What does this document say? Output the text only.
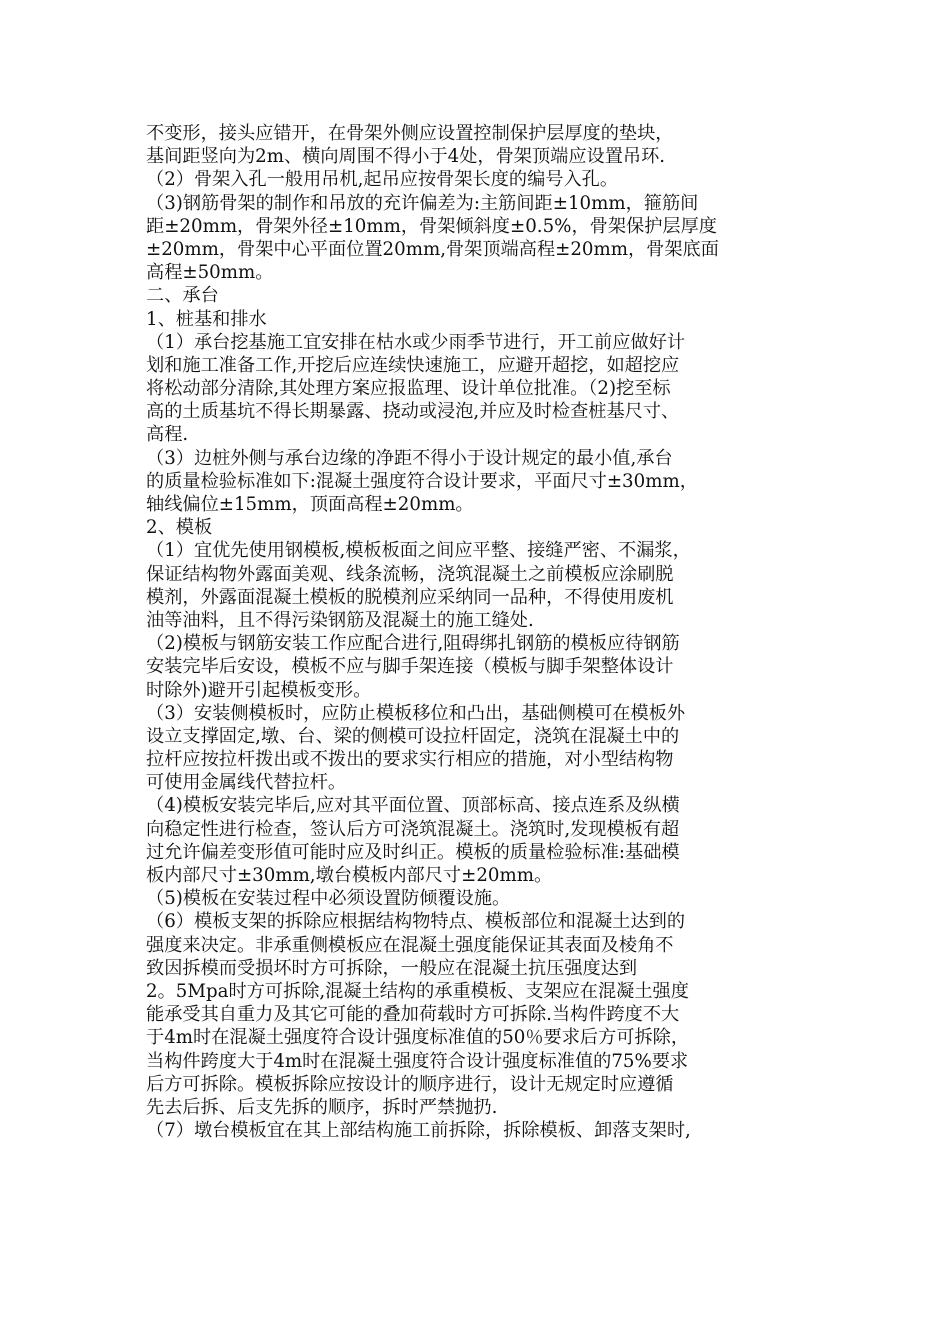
不变形，接头应错开，在骨架外侧应设置控制保护层厚度的垫块，
基间距竖向为2m、横向周围不得小于4处，骨架顶端应设置吊环.
（2）骨架入孔一般用吊机,起吊应按骨架长度的编号入孔。
（3)钢筋骨架的制作和吊放的充许偏差为:主筋间距±10mm，箍筋间
距±20mm，骨架外径±10mm，骨架倾斜度±0.5%，骨架保护层厚度
±20mm，骨架中心平面位置20mm,骨架顶端高程±20mm，骨架底面
高程±50mm。
二、承台
1、桩基和排水
（1）承台挖基施工宜安排在枯水或少雨季节进行，开工前应做好计
划和施工准备工作,开挖后应连续快速施工，应避开超挖，如超挖应
将松动部分清除,其处理方案应报监理、设计单位批准。（2)挖至标
高的土质基坑不得长期暴露、挠动或浸泡,并应及时检查桩基尺寸、
高程.
（3）边桩外侧与承台边缘的净距不得小于设计规定的最小值,承台
的质量检验标准如下:混凝土强度符合设计要求，平面尺寸±30mm，
轴线偏位±15mm，顶面高程±20mm。
2、模板
（1）宜优先使用钢模板,模板板面之间应平整、接缝严密、不漏浆，
保证结构物外露面美观、线条流畅，浇筑混凝土之前模板应涂刷脱
模剂，外露面混凝土模板的脱模剂应采纳同一品种，不得使用废机
油等油料，且不得污染钢筋及混凝土的施工缝处.
（2)模板与钢筋安装工作应配合进行,阻碍绑扎钢筋的模板应待钢筋
安装完毕后安设，模板不应与脚手架连接（模板与脚手架整体设计
时除外)避开引起模板变形。
（3）安装侧模板时，应防止模板移位和凸出，基础侧模可在模板外
设立支撑固定,墩、台、梁的侧模可设拉杆固定，浇筑在混凝土中的
拉杆应按拉杆拨出或不拨出的要求实行相应的措施，对小型结构物
可使用金属线代替拉杆。
（4)模板安装完毕后,应对其平面位置、顶部标高、接点连系及纵横
向稳定性进行检查，签认后方可浇筑混凝土。浇筑时,发现模板有超
过允许偏差变形值可能时应及时纠正。模板的质量检验标准:基础模
板内部尺寸±30mm,墩台模板内部尺寸±20mm。
（5)模板在安装过程中必须设置防倾覆设施。
（6）模板支架的拆除应根据结构物特点、模板部位和混凝土达到的
强度来决定。非承重侧模板应在混凝土强度能保证其表面及棱角不
致因拆模而受损坏时方可拆除，一般应在混凝土抗压强度达到
2。5Mpa时方可拆除,混凝土结构的承重模板、支架应在混凝土强度
能承受其自重力及其它可能的叠加荷载时方可拆除.当构件跨度不大
于4m时在混凝土强度符合设计强度标准值的50％要求后方可拆除，
当构件跨度大于4m时在混凝土强度符合设计强度标准值的75%要求
后方可拆除。模板拆除应按设计的顺序进行，设计无规定时应遵循
先去后拆、后支先拆的顺序，拆时严禁抛扔.
（7）墩台模板宜在其上部结构施工前拆除，拆除模板、卸落支架时,
